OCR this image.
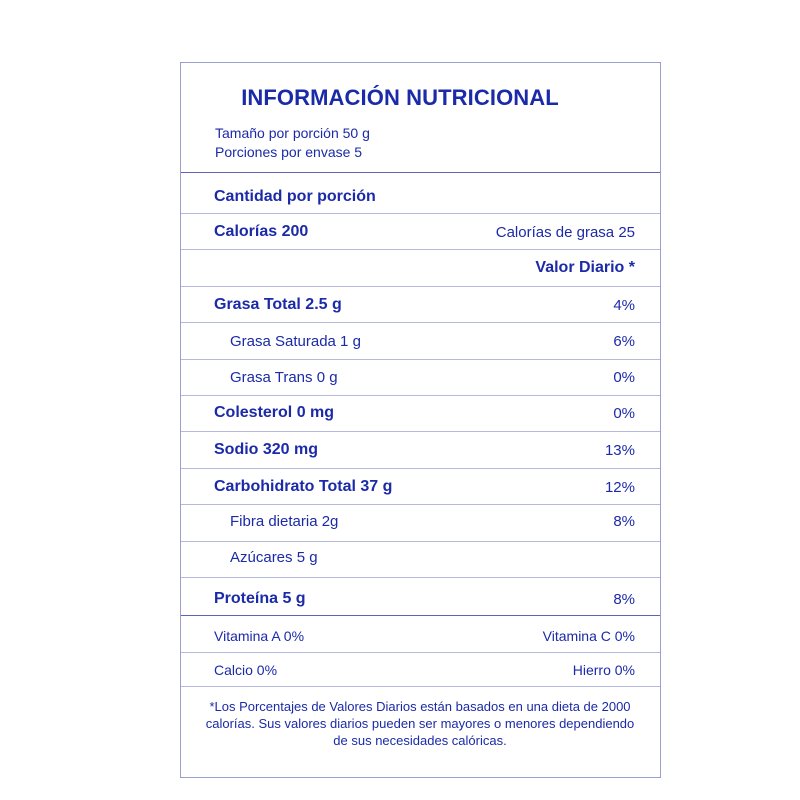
INFORMACIÓN NUTRICIONAL
Tamaño por porción 50 g
Porciones por envase 5
Cantidad por porción
Calorías 200	Calorías de grasa 25
Valor Diario *
Grasa Total 2.5 g	4%
Grasa Saturada 1 g	6%
Grasa Trans 0 g	0%
Colesterol 0 mg	0%
Sodio 320 mg	13%
Carbohidrato Total 37 g	12%
Fibra dietaria 2g	8%
Azúcares 5 g
Proteína 5 g	8%
Vitamina A 0%	Vitamina C 0%
Calcio 0%	Hierro 0%
*Los Porcentajes de Valores Diarios están basados en una dieta de 2000 calorías. Sus valores diarios pueden ser mayores o menores dependiendo de sus necesidades calóricas.
